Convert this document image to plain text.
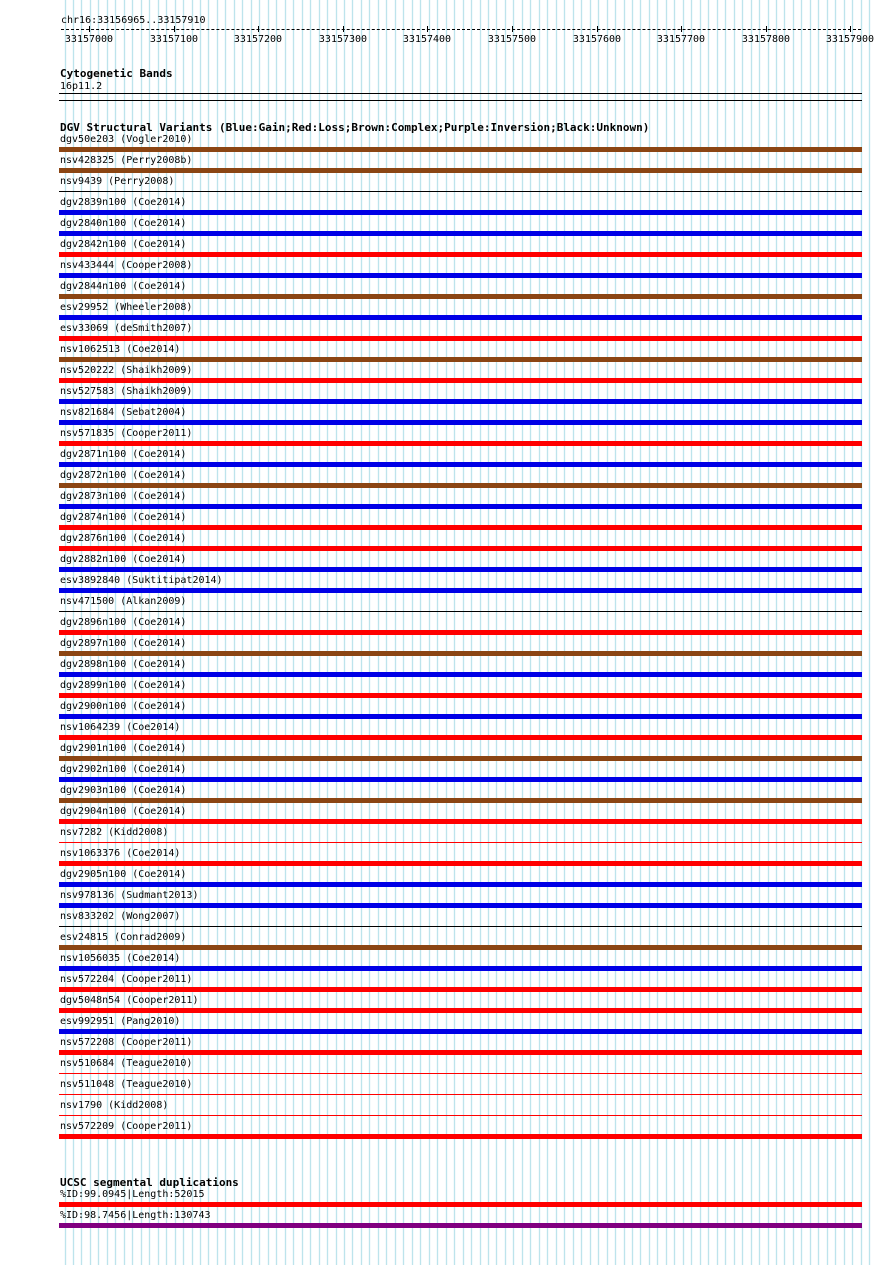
chr16:33156965..33157910
33157000	33157100	33157200	33157300	33157400	33157500	33157600	33157700	33157800	33157900
Cytogenetic Bands
16p11.2
DGV Structural Variants (Blue:Gain;Red:Loss;Brown:Complex;Purple:Inversion;Black:Unknown)
dgv50e203 (Vogler2010)
nsv428325 (Perry2008b)
nsv9439 (Perry2008)
dgv2839n100 (Coe2014)
dgv2840n100 (Coe2014)
dgv2842n100 (Coe2014)
nsv433444 (Cooper2008)
dgv2844n100 (Coe2014)
esv29952 (Wheeler2008)
esv33069 (deSmith2007)
nsv1062513 (Coe2014)
nsv520222 (Shaikh2009)
nsv527583 (Shaikh2009)
nsv821684 (Sebat2004)
nsv571835 (Cooper2011)
dgv2871n100 (Coe2014)
dgv2872n100 (Coe2014)
dgv2873n100 (Coe2014)
dgv2874n100 (Coe2014)
dgv2876n100 (Coe2014)
dgv2882n100 (Coe2014)
esv3892840 (Suktitipat2014)
nsv471500 (Alkan2009)
dgv2896n100 (Coe2014)
dgv2897n100 (Coe2014)
dgv2898n100 (Coe2014)
dgv2899n100 (Coe2014)
dgv2900n100 (Coe2014)
nsv1064239 (Coe2014)
dgv2901n100 (Coe2014)
dgv2902n100 (Coe2014)
dgv2903n100 (Coe2014)
dgv2904n100 (Coe2014)
nsv7282 (Kidd2008)
nsv1063376 (Coe2014)
dgv2905n100 (Coe2014)
nsv978136 (Sudmant2013)
nsv833202 (Wong2007)
esv24815 (Conrad2009)
nsv1056035 (Coe2014)
nsv572204 (Cooper2011)
dgv5048n54 (Cooper2011)
esv992951 (Pang2010)
nsv572208 (Cooper2011)
nsv510684 (Teague2010)
nsv511048 (Teague2010)
nsv1790 (Kidd2008)
nsv572209 (Cooper2011)
UCSC segmental duplications
%ID:99.0945|Length:52015
%ID:98.7456|Length:130743
